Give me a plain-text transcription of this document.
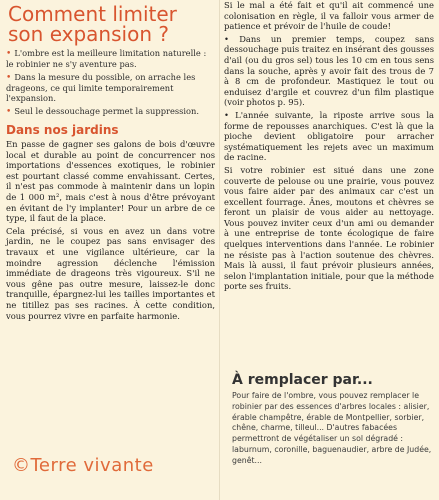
Comment limiter
son expansion ?

• L'ombre est la meilleure limitation naturelle : le robinier ne s'y aventure pas.

• Dans la mesure du possible, on arrache les drageons, ce qui limite temporairement l'expansion.

• Seul le dessouchage permet la suppression.

Dans nos jardins

En passe de gagner ses galons de bois d'œuvre local et durable au point de concurrencer nos importations d'essences exotiques, le robinier est pourtant classé comme envahissant. Certes, il n'est pas commode à maintenir dans un lopin de 1 000 m², mais c'est à nous d'être prévoyant en évitant de l'y implanter! Pour un arbre de ce type, il faut de la place.

Cela précisé, si vous en avez un dans votre jardin, ne le coupez pas sans envisager des travaux et une vigilance ultérieure, car la moindre agression déclenche l'émission immédiate de drageons très vigoureux. S'il ne vous gêne pas outre mesure, laissez-le donc tranquille, épargnez-lui les tailles importantes et ne titillez pas ses racines. À cette condition, vous pourrez vivre en parfaite harmonie.

Si le mal a été fait et qu'il ait commencé une colonisation en règle, il va falloir vous armer de patience et prévoir de l'huile de coude!

• Dans un premier temps, coupez sans dessouchage puis traitez en insérant des gousses d'ail (ou du gros sel) tous les 10 cm en tous sens dans la souche, après y avoir fait des trous de 7 à 8 cm de profondeur. Mastiquez le tout ou enduisez d'argile et couvrez d'un film plastique (voir photos p. 95).

• L'année suivante, la riposte arrive sous la forme de repousses anarchiques. C'est là que la pioche devient obligatoire pour arracher systématiquement les rejets avec un maximum de racine.

Si votre robinier est situé dans une zone couverte de pelouse ou une prairie, vous pouvez vous faire aider par des animaux car c'est un excellent fourrage. Ânes, moutons et chèvres se feront un plaisir de vous aider au nettoyage. Vous pouvez inviter ceux d'un ami ou demander à une entreprise de tonte écologique de faire quelques interventions dans l'année. Le robinier ne résiste pas à l'action soutenue des chèvres. Mais là aussi, il faut prévoir plusieurs années, selon l'implantation initiale, pour que la méthode porte ses fruits.

©Terre vivante
À remplacer par...
Pour faire de l'ombre, vous pouvez remplacer le robinier par des essences d'arbres locales : alisier, érable champêtre, érable de Montpellier, sorbier, chêne, charme, tilleul... D'autres fabacées permettront de végétaliser un sol dégradé : laburnum, coronille, baguenaudier, arbre de Judée, genêt...
